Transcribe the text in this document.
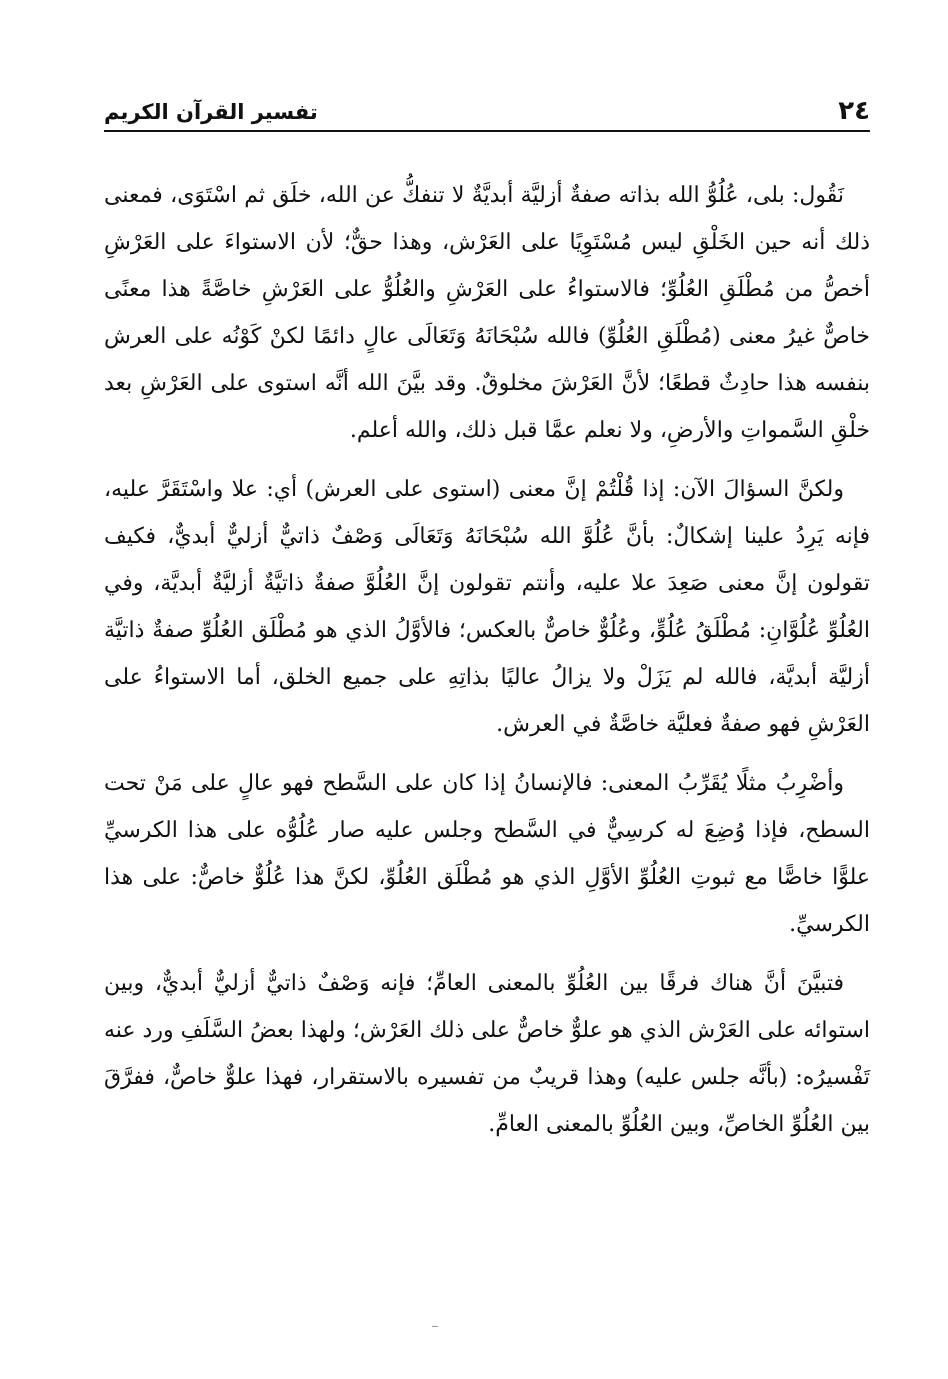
٢٤
تفسير القرآن الكريم

نَقُول: بلى، عُلُوُّ الله بذاته صفةٌ أزليَّة أبديَّةٌ لا تنفكُّ عن الله، خلَق ثم اسْتَوَى، فمعنى ذلك أنه حين الخَلْقِ ليس مُسْتَوِيًا على العَرْش، وهذا حقٌّ؛ لأن الاستواءَ على العَرْشِ أخصُّ من مُطْلَقِ العُلُوِّ؛ فالاستواءُ على العَرْشِ والعُلُوُّ على العَرْشِ خاصَّةً هذا معنًى خاصٌّ غيرُ معنى (مُطْلَقِ العُلُوِّ) فالله سُبْحَانَهُ وَتَعَالَى عالٍ دائمًا لكنْ كَوْنُه على العرش بنفسه هذا حادِثٌ قطعًا؛ لأنَّ العَرْشَ مخلوقٌ. وقد بيَّنَ الله أنَّه استوى على العَرْشِ بعد خلْقِ السَّمواتِ والأرضِ، ولا نعلم عمَّا قبل ذلك، والله أعلم.

ولكنَّ السؤالَ الآن: إذا قُلْتُمْ إنَّ معنى (استوى على العرش) أي: علا واسْتَقَرَّ عليه، فإنه يَرِدُ علينا إشكالٌ: بأنَّ عُلُوَّ الله سُبْحَانَهُ وَتَعَالَى وَصْفٌ ذاتيٌّ أزليٌّ أبديٌّ، فكيف تقولون إنَّ معنى صَعِدَ علا عليه، وأنتم تقولون إنَّ العُلُوَّ صفةٌ ذاتيَّةٌ أزليَّةٌ أبديَّة، وفي العُلُوِّ عُلُوَّانِ: مُطْلَقُ عُلُوٍّ، وعُلُوٌّ خاصٌّ بالعكس؛ فالأوَّلُ الذي هو مُطْلَق العُلُوِّ صفةٌ ذاتيَّة أزليَّة أبديَّة، فالله لم يَزَلْ ولا يزالُ عاليًا بذاتِهِ على جميع الخلق، أما الاستواءُ على العَرْشِ فهو صفةٌ فعليَّة خاصَّةٌ في العرش.

وأضْرِبُ مثلًا يُقَرِّبُ المعنى: فالإنسانُ إذا كان على السَّطح فهو عالٍ على مَنْ تحت السطح، فإذا وُضِعَ له كرسِيٌّ في السَّطح وجلس عليه صار عُلُوُّه على هذا الكرسيِّ علوًّا خاصًّا مع ثبوتِ العُلُوِّ الأوَّلِ الذي هو مُطْلَق العُلُوِّ، لكنَّ هذا عُلُوٌّ خاصٌّ: على هذا الكرسيِّ.

فتبيَّنَ أنَّ هناك فرقًا بين العُلُوِّ بالمعنى العامِّ؛ فإنه وَصْفٌ ذاتيٌّ أزليٌّ أبديٌّ، وبين استوائه على العَرْش الذي هو علوٌّ خاصٌّ على ذلك العَرْش؛ ولهذا بعضُ السَّلَفِ ورد عنه تَفْسيرُه: (بأنَّه جلس عليه) وهذا قريبٌ من تفسيره بالاستقرار، فهذا علوٌّ خاصٌّ، ففرَّقَ بين العُلُوِّ الخاصِّ، وبين العُلُوِّ بالمعنى العامِّ.
